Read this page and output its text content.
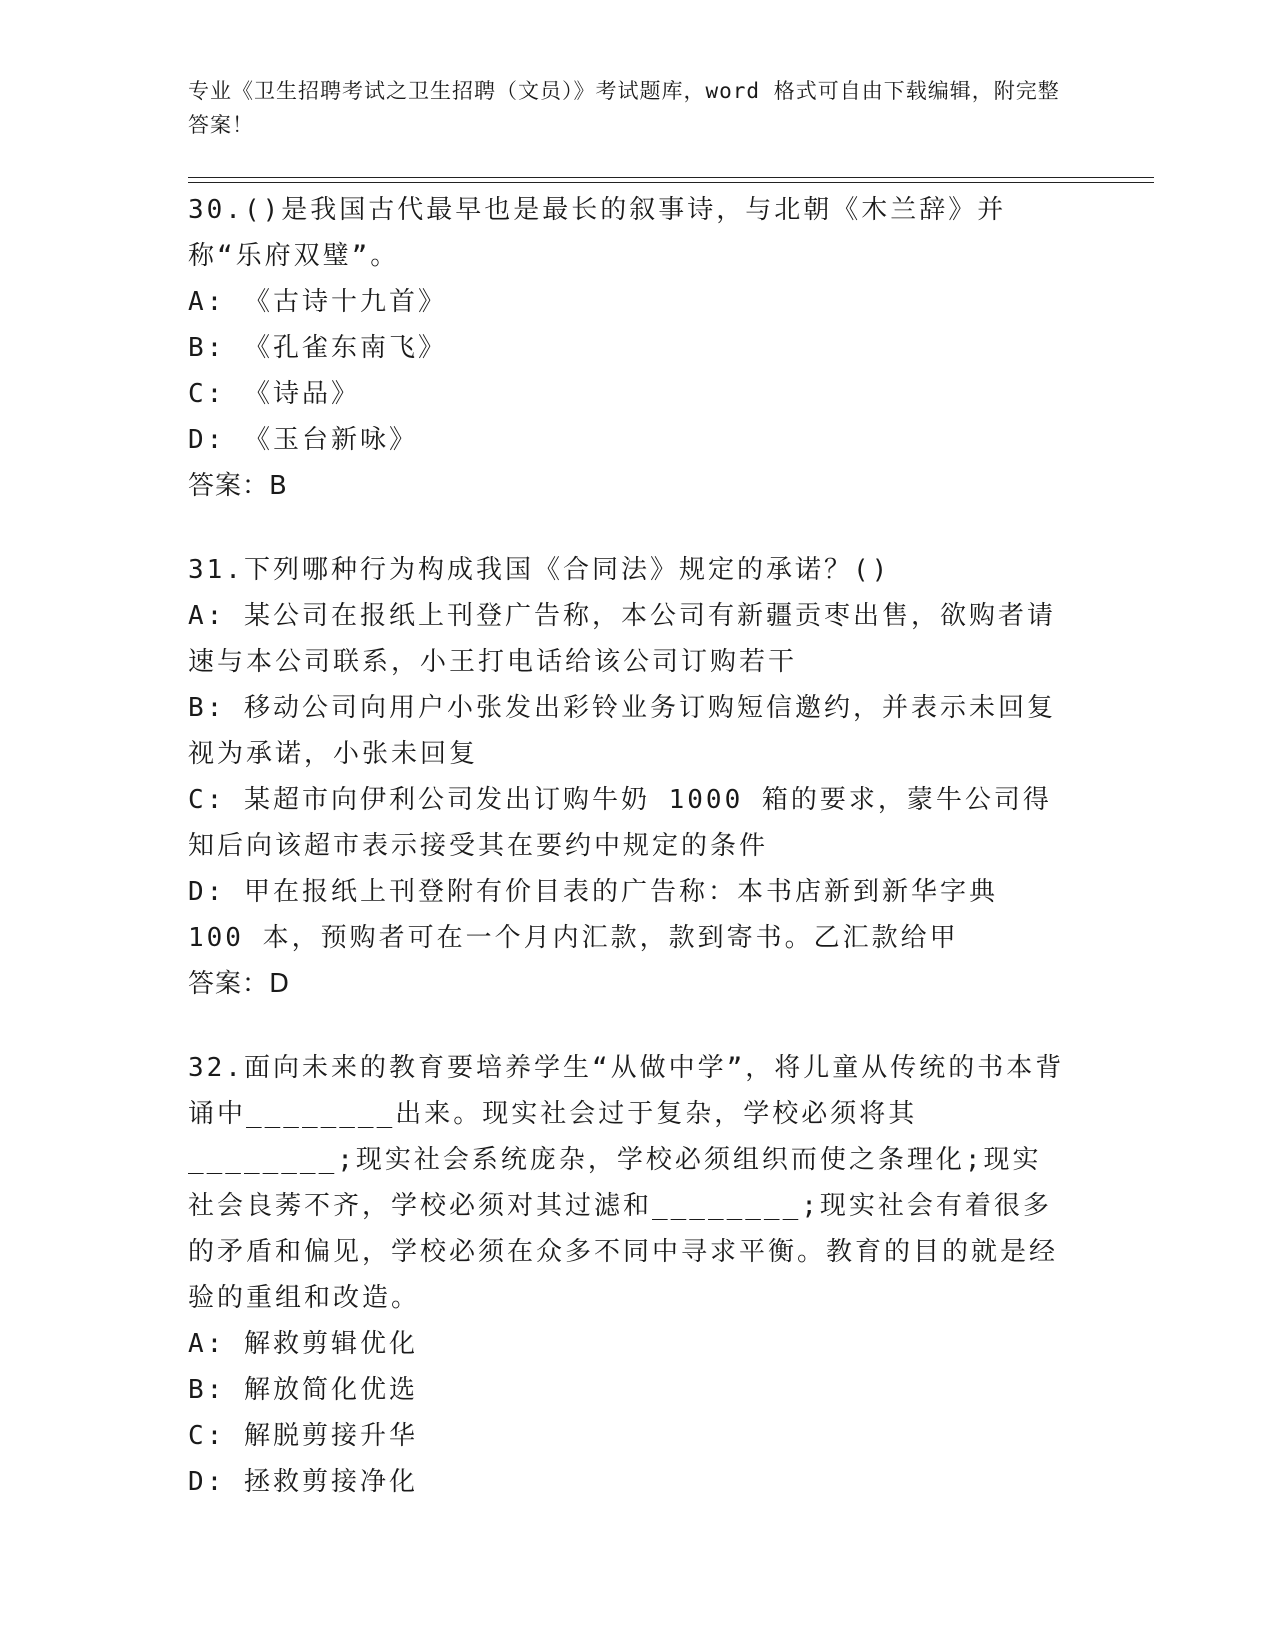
专业《卫生招聘考试之卫生招聘（文员）》考试题库，word 格式可自由下载编辑，附完整答案！

30.()是我国古代最早也是最长的叙事诗，与北朝《木兰辞》并称“乐府双璧”。

A: 《古诗十九首》

B: 《孔雀东南飞》

C: 《诗品》

D: 《玉台新咏》

答案：B

31.下列哪种行为构成我国《合同法》规定的承诺？()

A: 某公司在报纸上刊登广告称，本公司有新疆贡枣出售，欲购者请速与本公司联系，小王打电话给该公司订购若干

B: 移动公司向用户小张发出彩铃业务订购短信邀约，并表示未回复视为承诺，小张未回复

C: 某超市向伊利公司发出订购牛奶 1000 箱的要求，蒙牛公司得知后向该超市表示接受其在要约中规定的条件

D: 甲在报纸上刊登附有价目表的广告称：本书店新到新华字典 100 本，预购者可在一个月内汇款，款到寄书。乙汇款给甲

答案：D

32.面向未来的教育要培养学生“从做中学”，将儿童从传统的书本背诵中________出来。现实社会过于复杂，学校必须将其________;现实社会系统庞杂，学校必须组织而使之条理化;现实社会良莠不齐，学校必须对其过滤和________;现实社会有着很多的矛盾和偏见，学校必须在众多不同中寻求平衡。教育的目的就是经验的重组和改造。

A: 解救剪辑优化

B: 解放简化优选

C: 解脱剪接升华

D: 拯救剪接净化
